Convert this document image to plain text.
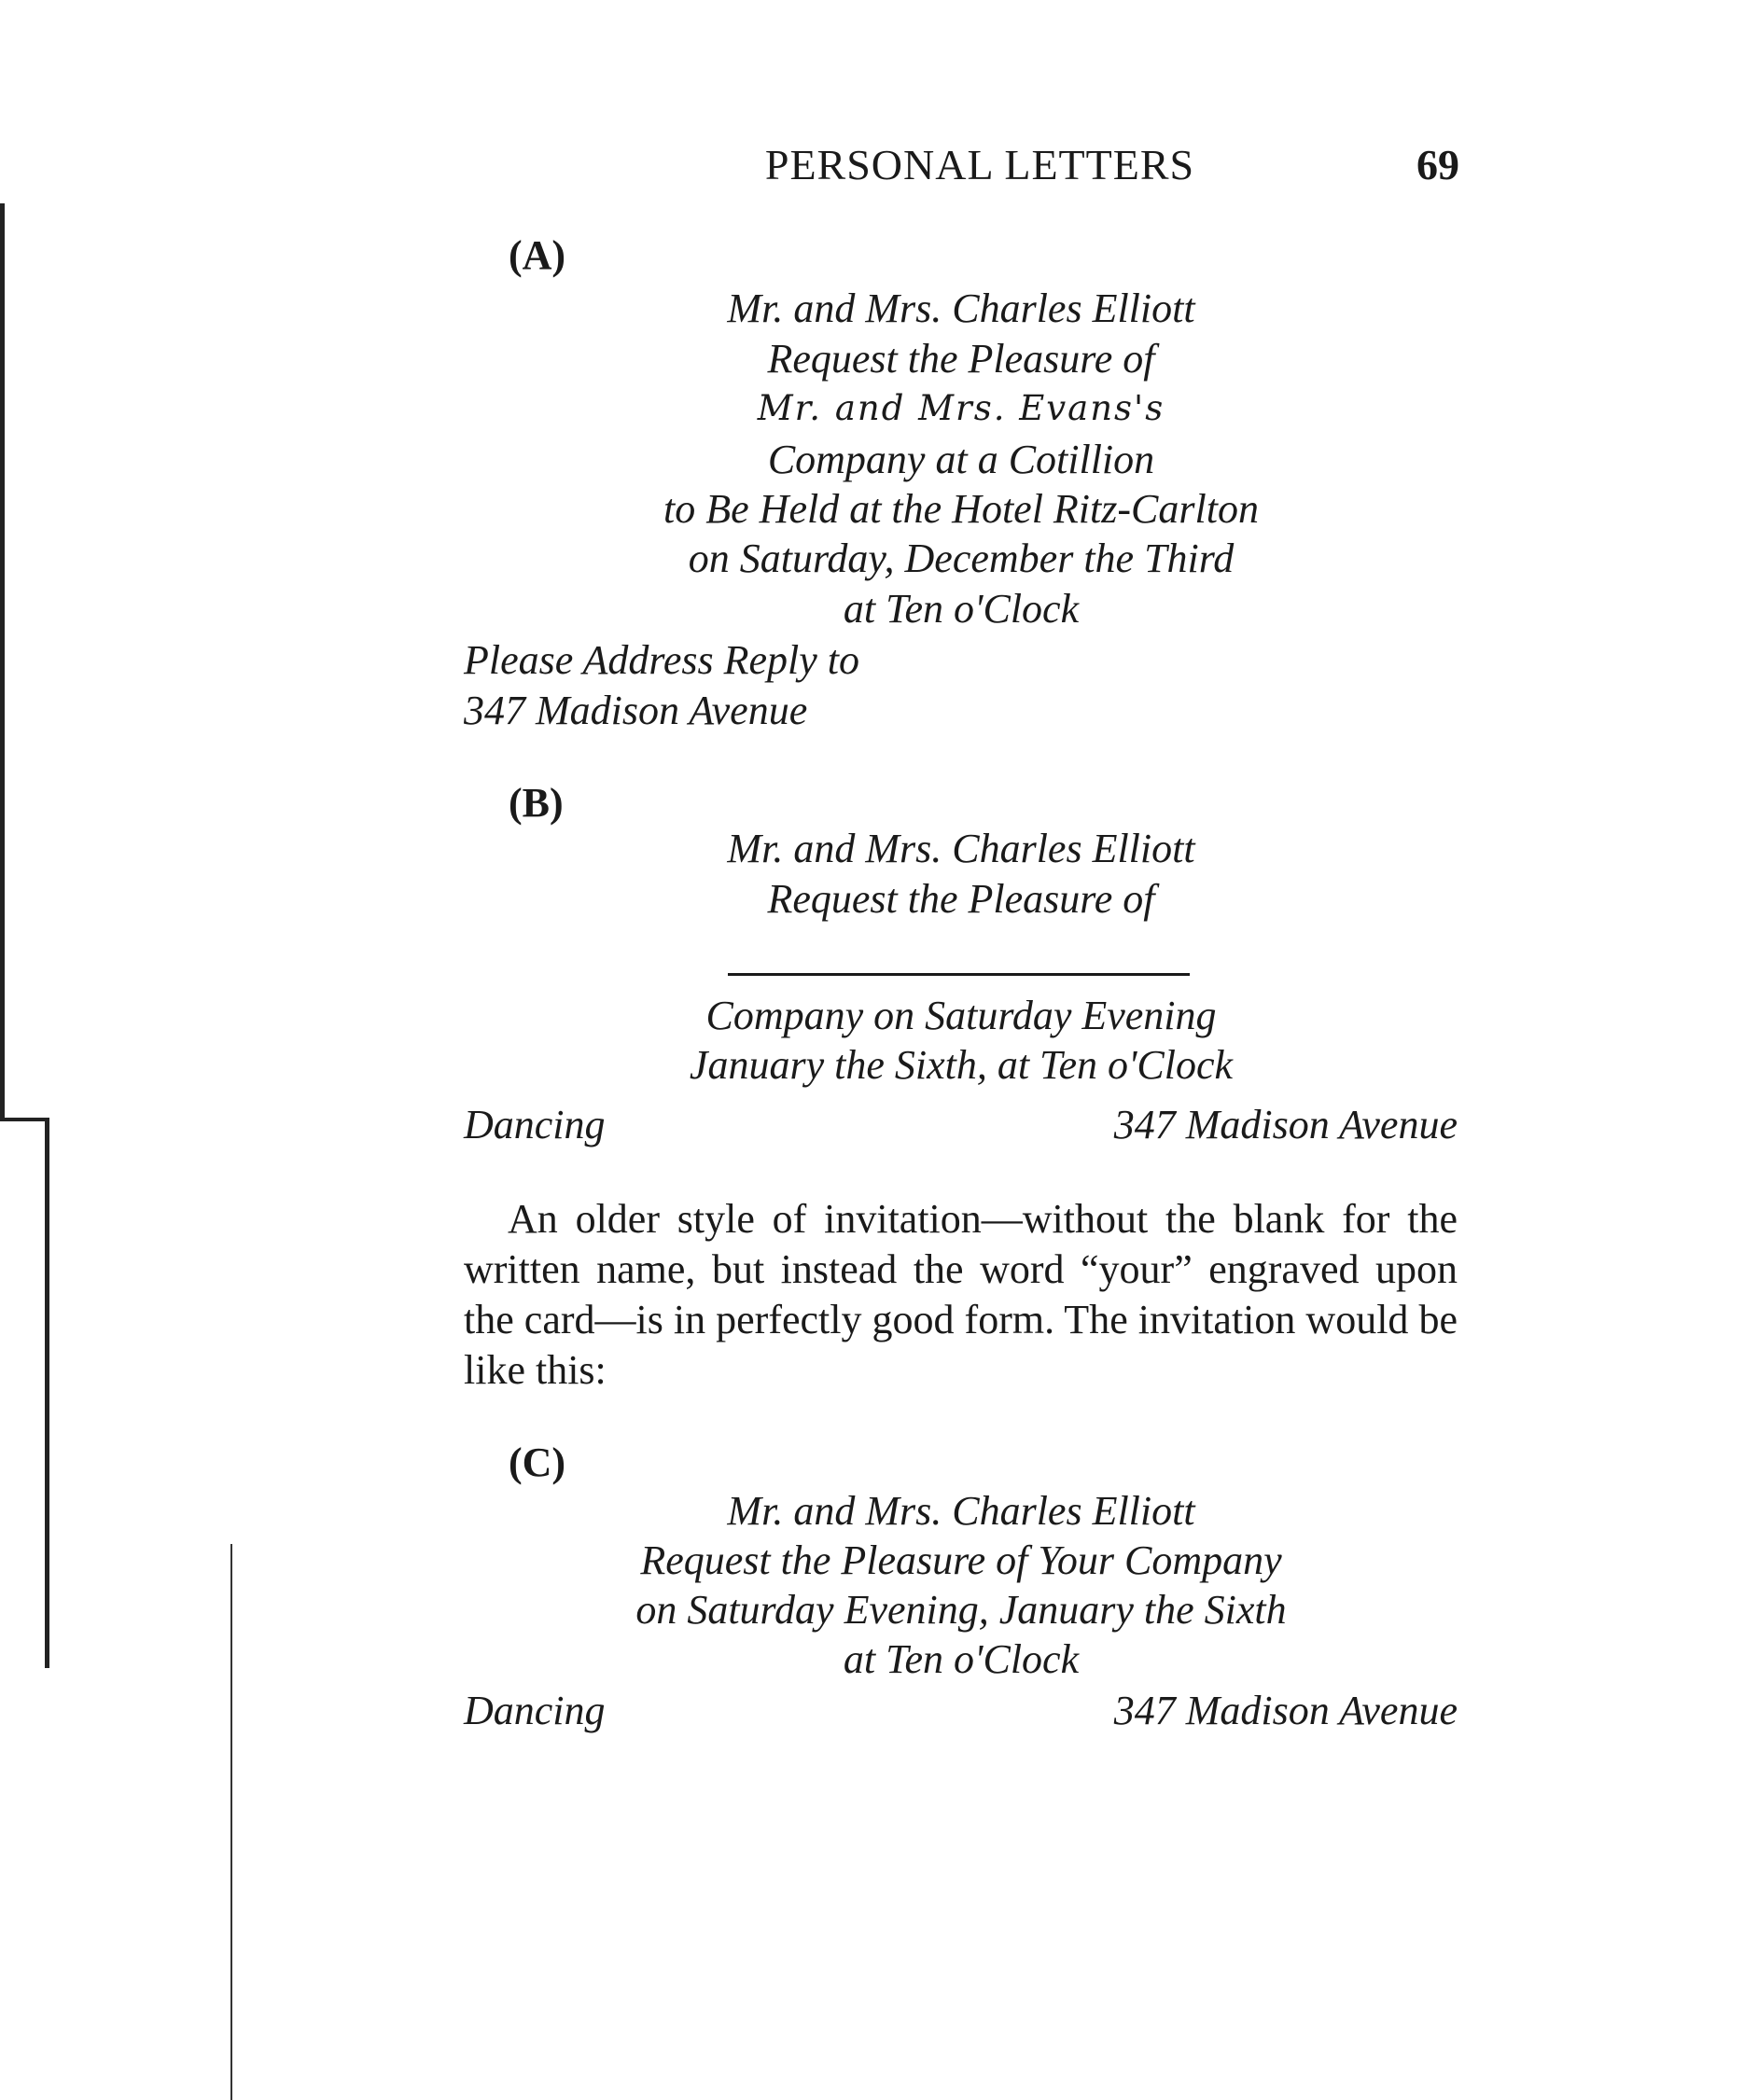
PERSONAL LETTERS	69
(A)
Mr. and Mrs. Charles Elliott
Request the Pleasure of
Mr. and Mrs. Evans's
Company at a Cotillion
to Be Held at the Hotel Ritz-Carlton
on Saturday, December the Third
at Ten o'Clock
Please Address Reply to
347 Madison Avenue
(B)
Mr. and Mrs. Charles Elliott
Request the Pleasure of
Company on Saturday Evening
January the Sixth, at Ten o'Clock
Dancing	347 Madison Avenue
An older style of invitation—without the blank for the written name, but instead the word “your” engraved upon the card—is in perfectly good form. The invitation would be like this:
(C)
Mr. and Mrs. Charles Elliott
Request the Pleasure of Your Company
on Saturday Evening, January the Sixth
at Ten o'Clock
Dancing	347 Madison Avenue
